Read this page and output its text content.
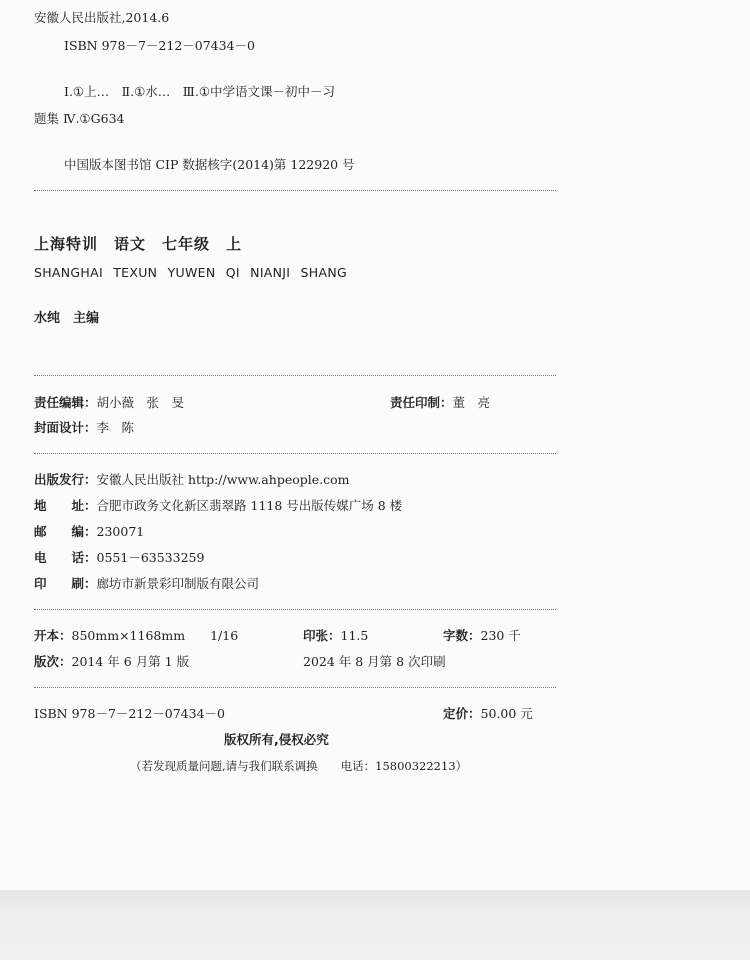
安徽人民出版社,2014.6
ISBN 978－7－212－07434－0
Ⅰ.①上…　Ⅱ.①水…　Ⅲ.①中学语文课－初中－习
题集 Ⅳ.①G634
中国版本图书馆 CIP 数据核字(2014)第 122920 号
上海特训　语文　七年级　上
SHANGHAI TEXUN YUWEN QI NIANJI SHANG
水纯　主编
责任编辑：胡小薇　张　旻	责任印制：董　亮
封面设计：李　陈
出版发行：安徽人民出版社 http://www.ahpeople.com
地　　址：合肥市政务文化新区翡翠路 1118 号出版传媒广场 8 楼
邮　　编：230071
电　　话：0551－63533259
印　　刷：廊坊市新景彩印制版有限公司
开本：850mm×1168mm　　1/16	印张：11.5	字数：230 千
版次：2014 年 6 月第 1 版	2024 年 8 月第 8 次印刷
ISBN 978－7－212－07434－0	定价：50.00 元
版权所有,侵权必究
（若发现质量问题,请与我们联系调换　　电话：15800322213）
